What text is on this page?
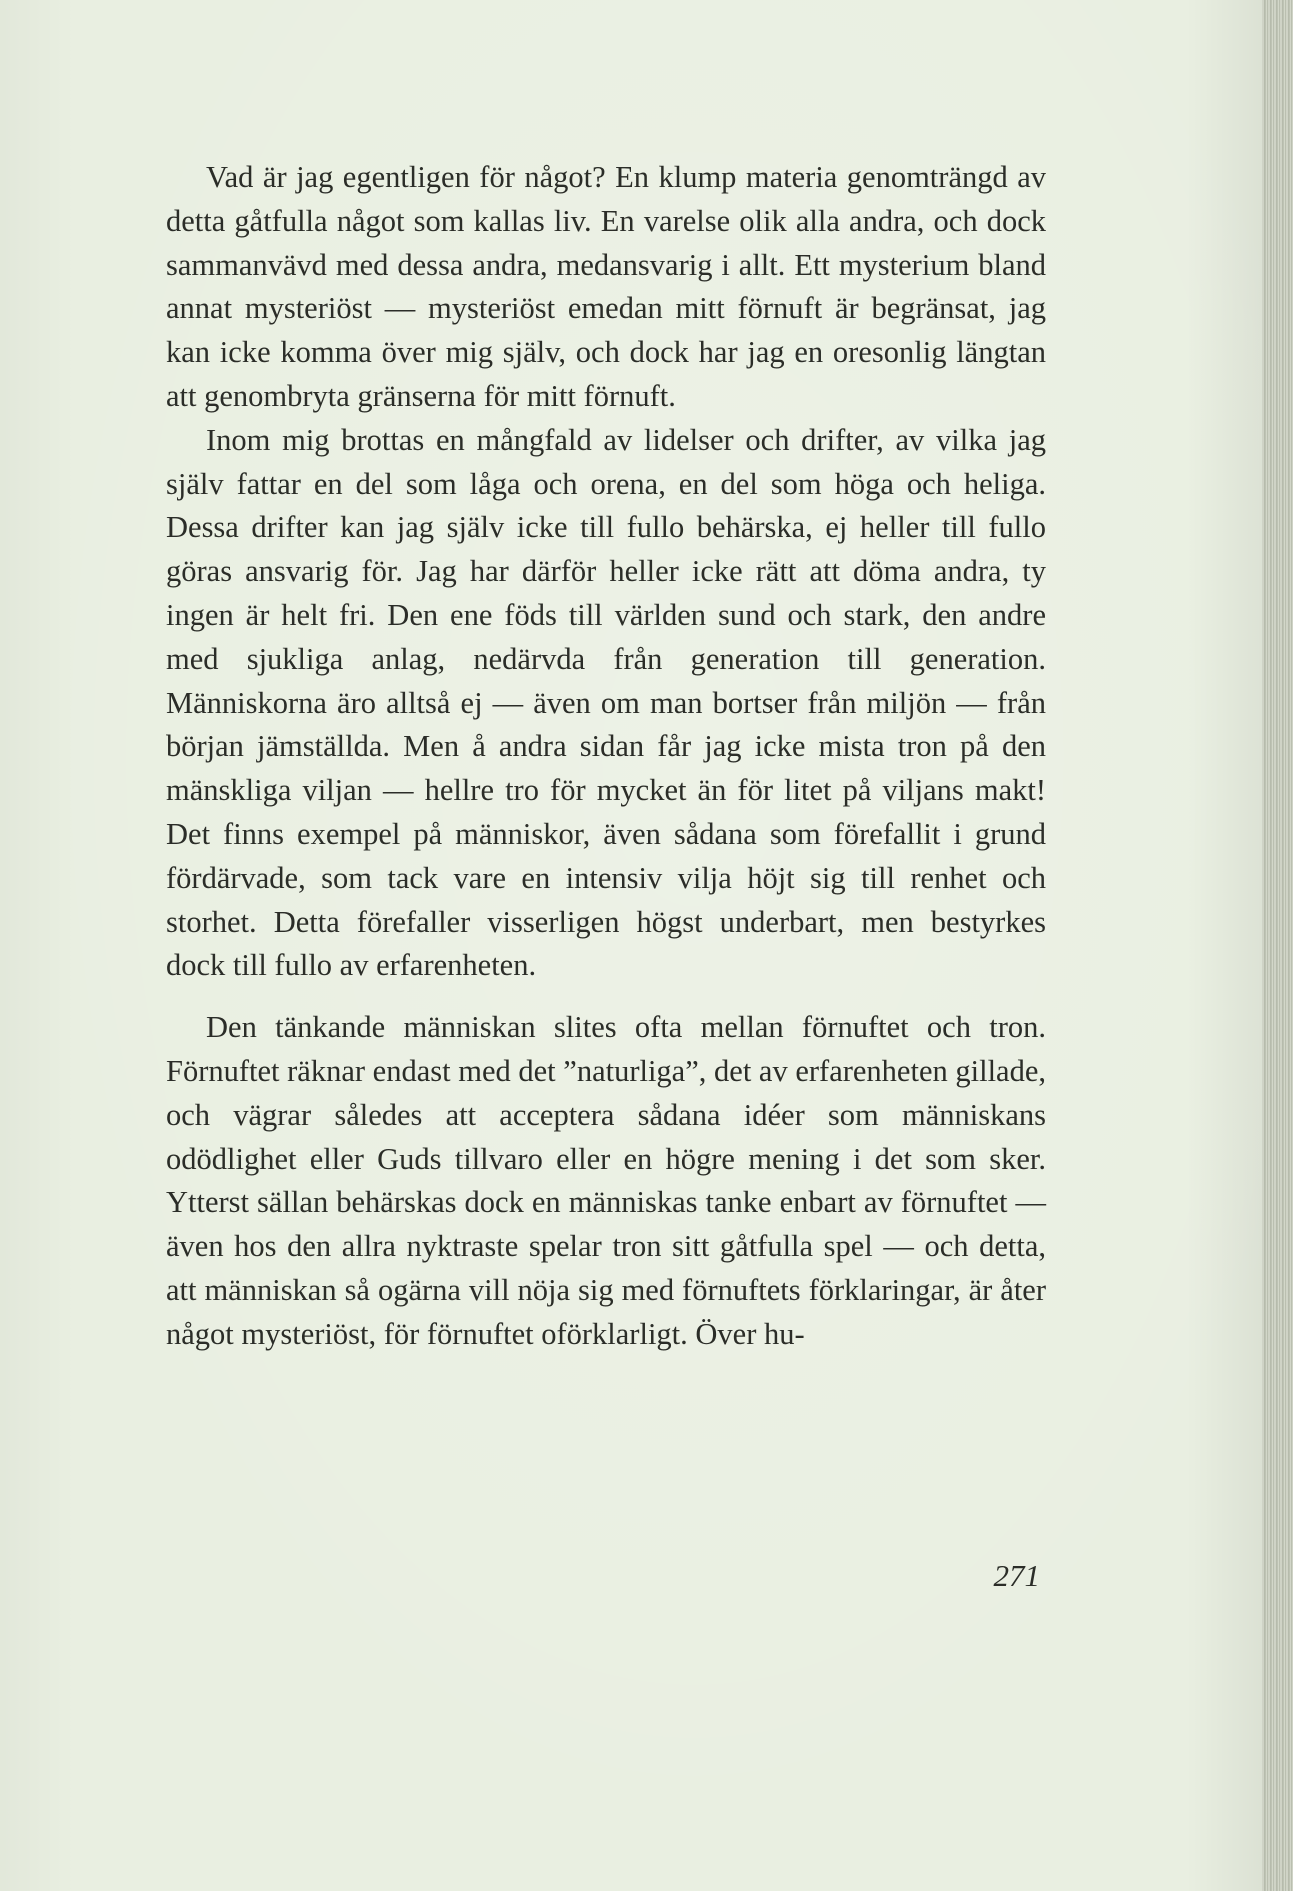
Vad är jag egentligen för något? En klump materia genomträngd av detta gåtfulla något som kallas liv. En varelse olik alla andra, och dock sammanvävd med dessa andra, medansvarig i allt. Ett mysterium bland annat mysteriöst — mysteriöst emedan mitt förnuft är begränsat, jag kan icke komma över mig själv, och dock har jag en oresonlig längtan att genombryta gränserna för mitt förnuft.

Inom mig brottas en mångfald av lidelser och drifter, av vilka jag själv fattar en del som låga och orena, en del som höga och heliga. Dessa drifter kan jag själv icke till fullo behärska, ej heller till fullo göras ansvarig för. Jag har därför heller icke rätt att döma andra, ty ingen är helt fri. Den ene föds till världen sund och stark, den andre med sjukliga anlag, nedärvda från generation till generation. Människorna äro alltså ej — även om man bortser från miljön — från början jämställda. Men å andra sidan får jag icke mista tron på den mänskliga viljan — hellre tro för mycket än för litet på viljans makt! Det finns exempel på människor, även sådana som förefallit i grund fördärvade, som tack vare en intensiv vilja höjt sig till renhet och storhet. Detta förefaller visserligen högst underbart, men bestyrkes dock till fullo av erfarenheten.

Den tänkande människan slites ofta mellan förnuftet och tron. Förnuftet räknar endast med det ”naturliga”, det av erfarenheten gillade, och vägrar således att acceptera sådana idéer som människans odödlighet eller Guds tillvaro eller en högre mening i det som sker. Ytterst sällan behärskas dock en människas tanke enbart av förnuftet — även hos den allra nyktraste spelar tron sitt gåtfulla spel — och detta, att människan så ogärna vill nöja sig med förnuftets förklaringar, är åter något mysteriöst, för förnuftet oförklarligt. Över hu-

271
